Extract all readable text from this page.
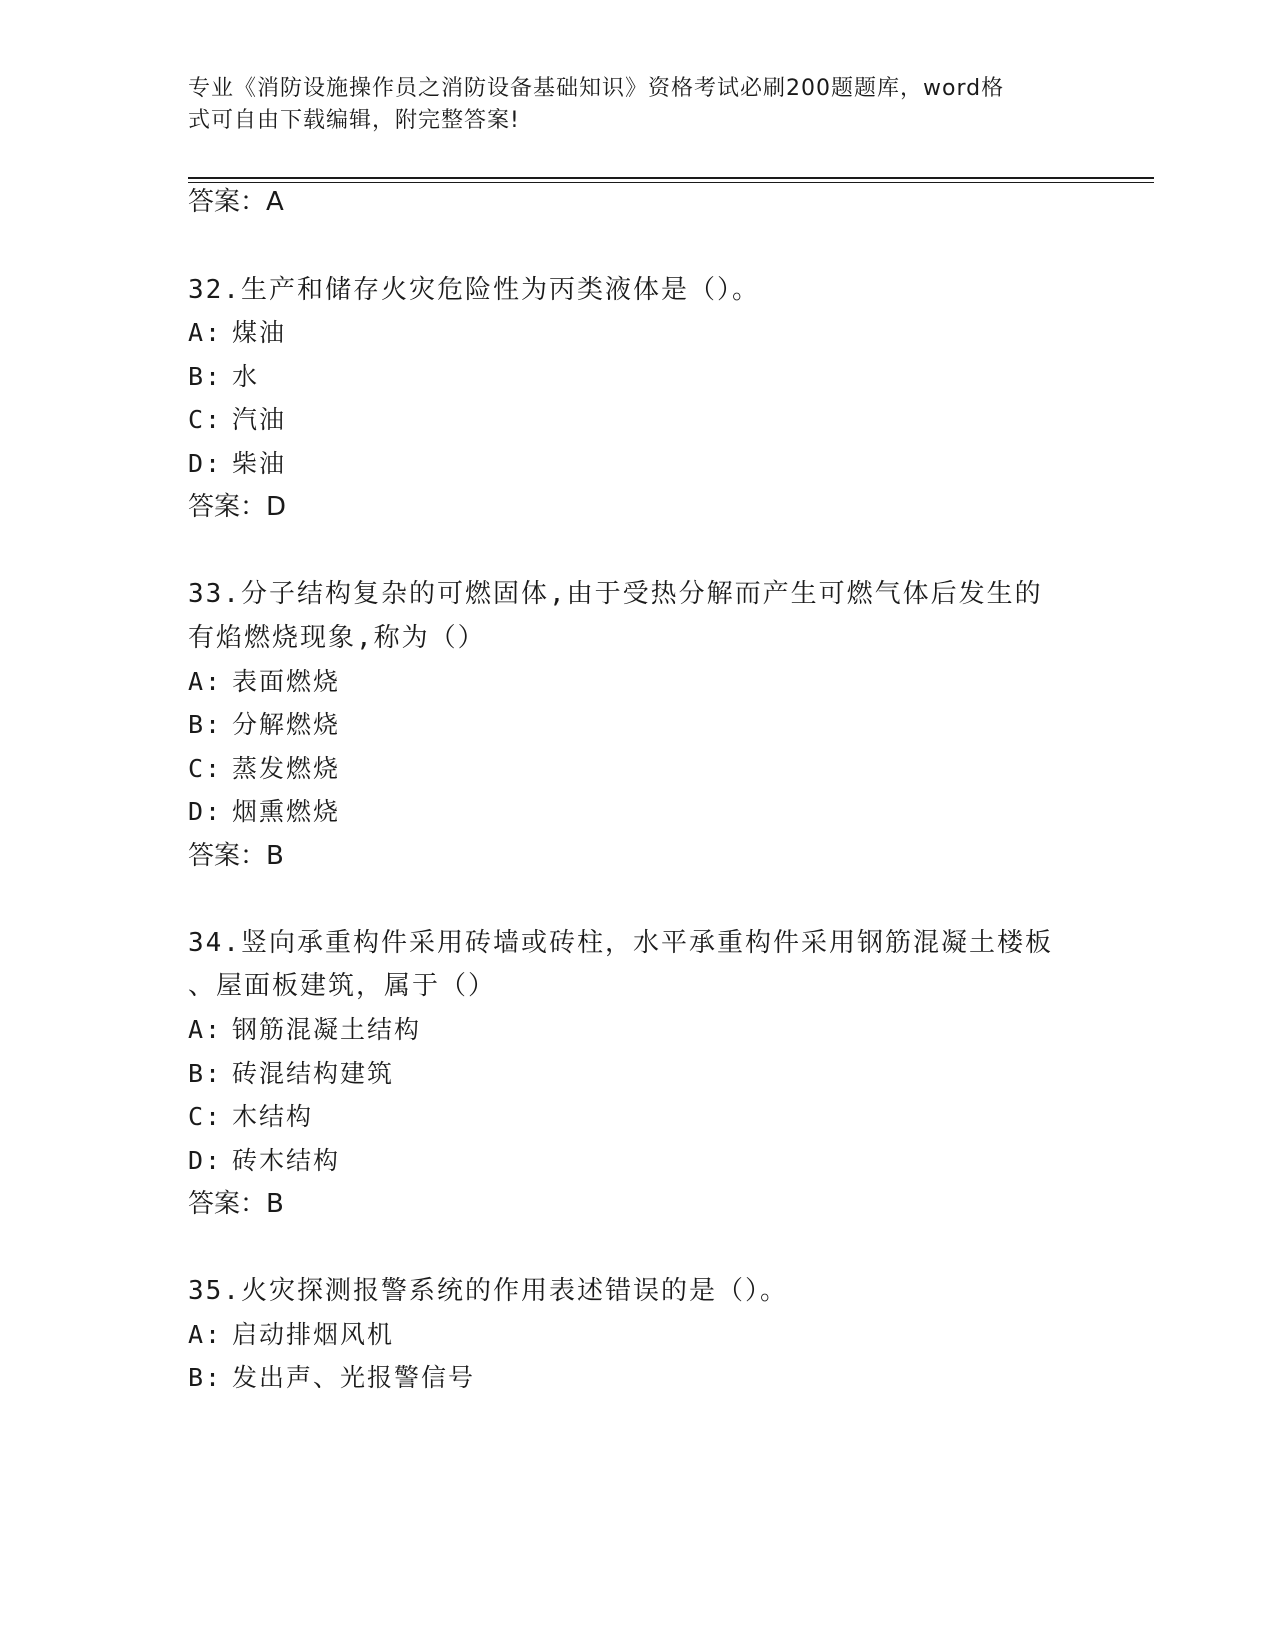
专业《消防设施操作员之消防设备基础知识》资格考试必刷200题题库，word格
式可自由下载编辑，附完整答案!

答案：A

32.生产和储存火灾危险性为丙类液体是（）。

A: 煤油

B: 水

C: 汽油

D: 柴油

答案：D

33.分子结构复杂的可燃固体,由于受热分解而产生可燃气体后发生的

有焰燃烧现象,称为（）

A: 表面燃烧

B: 分解燃烧

C: 蒸发燃烧

D: 烟熏燃烧

答案：B

34.竖向承重构件采用砖墙或砖柱，水平承重构件采用钢筋混凝土楼板

、屋面板建筑，属于（）

A: 钢筋混凝土结构

B: 砖混结构建筑

C: 木结构

D: 砖木结构

答案：B

35.火灾探测报警系统的作用表述错误的是（）。

A: 启动排烟风机

B: 发出声、光报警信号
